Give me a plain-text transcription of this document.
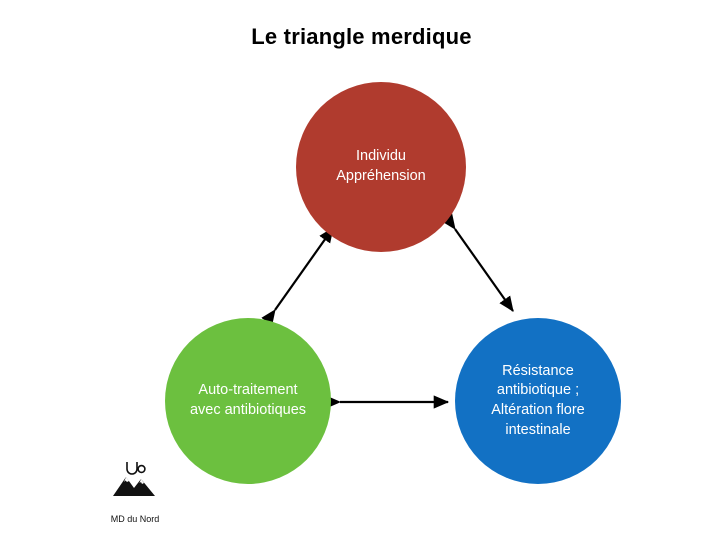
Le triangle merdique
Individu
Appréhension
Auto-traitement
avec antibiotiques
Résistance
antibiotique ;
Altération flore
intestinale
MD du Nord
